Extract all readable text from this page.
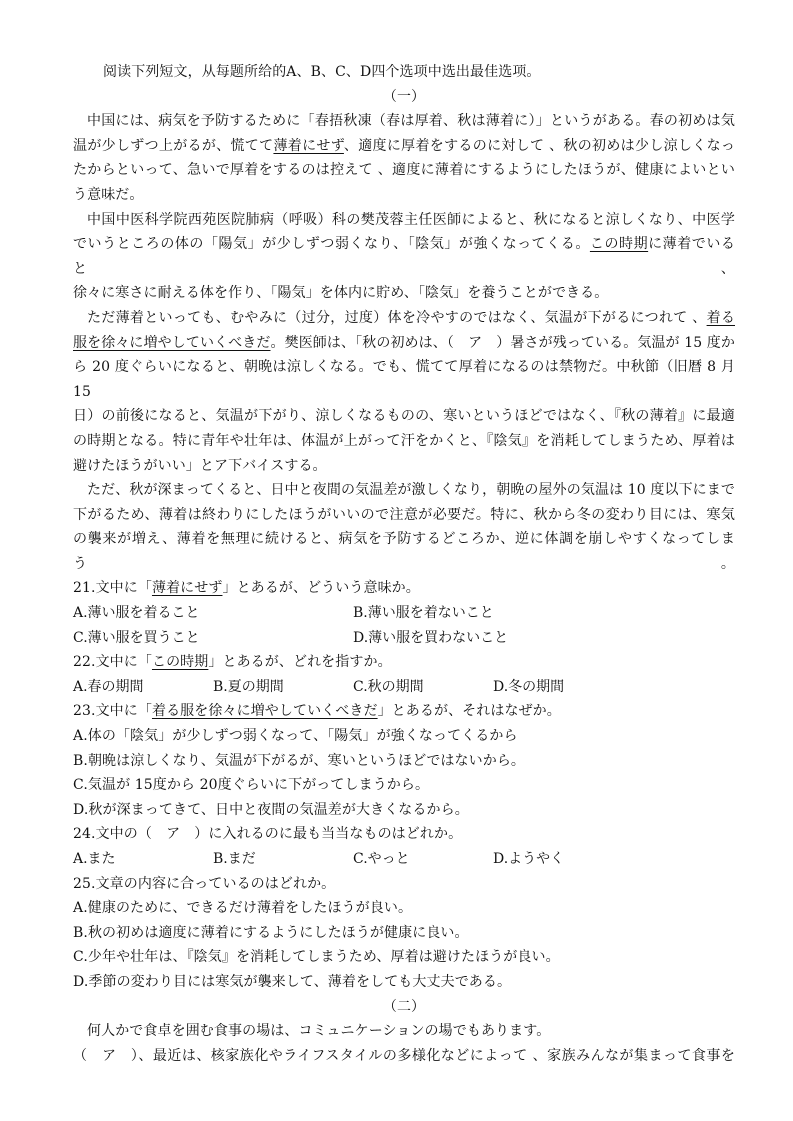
阅读下列短文，从每题所给的A、B、C、D四个选项中选出最佳选项。
（一）
中国には、病気を予防するために「春捂秋凍（春は厚着、秋は薄着に）」というがある。春の初めは気
温が少しずつ上がるが、慌てて薄着にせず、適度に厚着をするのに対して 、秋の初めは少し涼しくなっ
たからといって、急いで厚着をするのは控えて 、適度に薄着にするようにしたほうが、健康によいとい
う意味だ。
中国中医科学院西苑医院肺病（呼吸）科の樊茂蓉主任医師によると、秋になると涼しくなり、中医学
でいうところの体の「陽気」が少しずつ弱くなり、「陰気」が強くなってくる。この時期に薄着でいると、
徐々に寒さに耐える体を作り、「陽気」を体内に貯め、「陰気」を養うことができる。
ただ薄着といっても、むやみに（过分，过度）体を冷やすのではなく、気温が下がるにつれて 、着る
服を徐々に増やしていくべきだ。樊医師は、「秋の初めは、（　ア　）暑さが残っている。気温が 15 度か
ら 20 度ぐらいになると、朝晩は涼しくなる。でも、慌てて厚着になるのは禁物だ。中秋節（旧暦 8 月 15
日）の前後になると、気温が下がり、涼しくなるものの、寒いというほどではなく、『秋の薄着』に最適
の時期となる。特に青年や壮年は、体温が上がって汗をかくと、『陰気』を消耗してしまうため、厚着は
避けたほうがいい」とア下バイスする。
ただ、秋が深まってくると、日中と夜間の気温差が激しくなり，朝晩の屋外の気温は 10 度以下にまで
下がるため、薄着は終わりにしたほうがいいので注意が必要だ。特に、秋から冬の変わり目には、寒気
の襲来が増え、薄着を無理に続けると、病気を予防するどころか、逆に体調を崩しやすくなってしまう。
21.文中に「薄着にせず」とあるが、どういう意味か。
A.薄い服を着ること	B.薄い服を着ないこと
C.薄い服を買うこと	D.薄い服を買わないこと
22.文中に「この時期」とあるが、どれを指すか。
A.春の期間	B.夏の期間	C.秋の期間	D.冬の期間
23.文中に「着る服を徐々に増やしていくべきだ」とあるが、それはなぜか。
A.体の「陰気」が少しずつ弱くなって、「陽気」が強くなってくるから
B.朝晩は涼しくなり、気温が下がるが、寒いというほどではないから。
C.気温が 15度から 20度ぐらいに下がってしまうから。
D.秋が深まってきて、日中と夜間の気温差が大きくなるから。
24.文中の（　ア　）に入れるのに最も当当なものはどれか。
A.また	B.まだ	C.やっと	D.ようやく
25.文章の内容に合っているのはどれか。
A.健康のために、できるだけ薄着をしたほうが良い。
B.秋の初めは適度に薄着にするようにしたほうが健康に良い。
C.少年や壮年は、『陰気』を消耗してしまうため、厚着は避けたほうが良い。
D.季節の変わり目には寒気が襲来して、薄着をしても大丈夫である。
（二）
何人かで食卓を囲む食事の場は、コミュニケーションの場でもあります。
（　ア　）、最近は、核家族化やライフスタイルの多様化などによって 、家族みんなが集まって食事を
